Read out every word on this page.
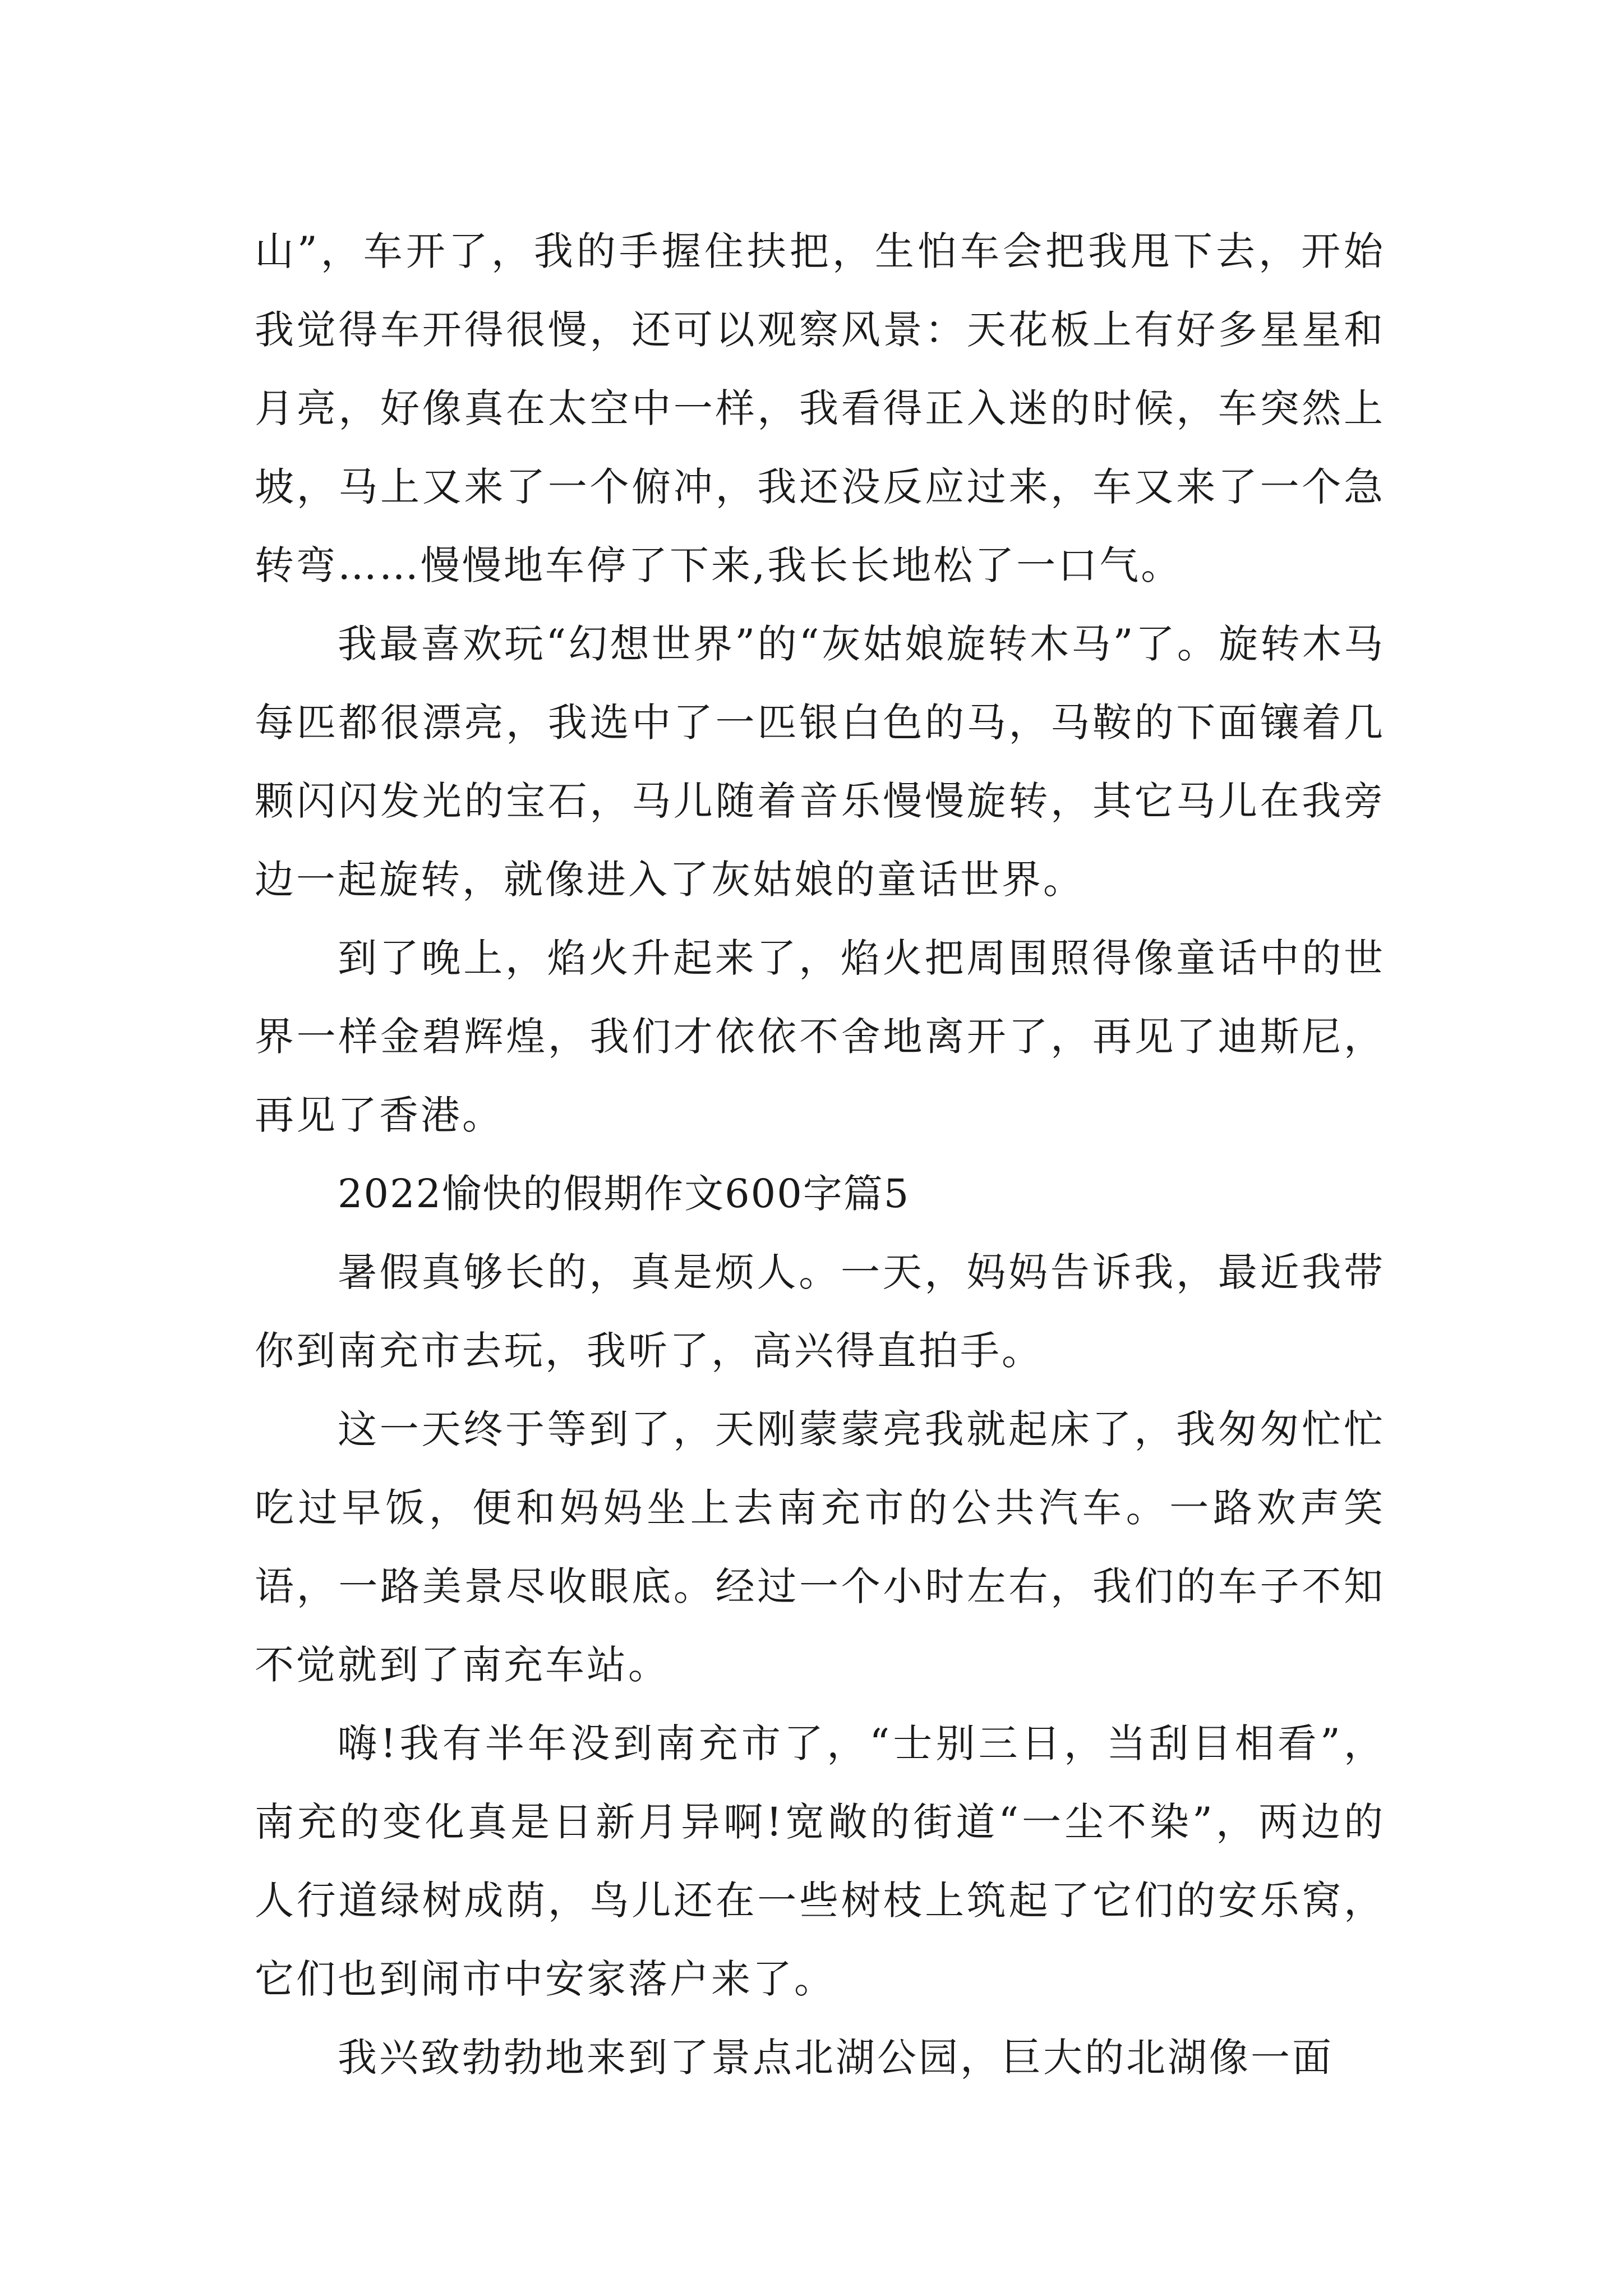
山”，车开了，我的手握住扶把，生怕车会把我甩下去，开始我觉得车开得很慢，还可以观察风景：天花板上有好多星星和月亮，好像真在太空中一样，我看得正入迷的时候，车突然上坡，马上又来了一个俯冲，我还没反应过来，车又来了一个急转弯……慢慢地车停了下来,我长长地松了一口气。

我最喜欢玩“幻想世界”的“灰姑娘旋转木马”了。旋转木马每匹都很漂亮，我选中了一匹银白色的马，马鞍的下面镶着几颗闪闪发光的宝石，马儿随着音乐慢慢旋转，其它马儿在我旁边一起旋转，就像进入了灰姑娘的童话世界。

到了晚上，焰火升起来了，焰火把周围照得像童话中的世界一样金碧辉煌，我们才依依不舍地离开了，再见了迪斯尼，再见了香港。

2022愉快的假期作文600字篇5

暑假真够长的，真是烦人。一天，妈妈告诉我，最近我带你到南充市去玩，我听了，高兴得直拍手。

这一天终于等到了，天刚蒙蒙亮我就起床了，我匆匆忙忙吃过早饭，便和妈妈坐上去南充市的公共汽车。一路欢声笑语，一路美景尽收眼底。经过一个小时左右，我们的车子不知不觉就到了南充车站。

嗨!我有半年没到南充市了，“士别三日，当刮目相看”，南充的变化真是日新月异啊!宽敞的街道“一尘不染”，两边的人行道绿树成荫，鸟儿还在一些树枝上筑起了它们的安乐窝，它们也到闹市中安家落户来了。

我兴致勃勃地来到了景点北湖公园，巨大的北湖像一面
